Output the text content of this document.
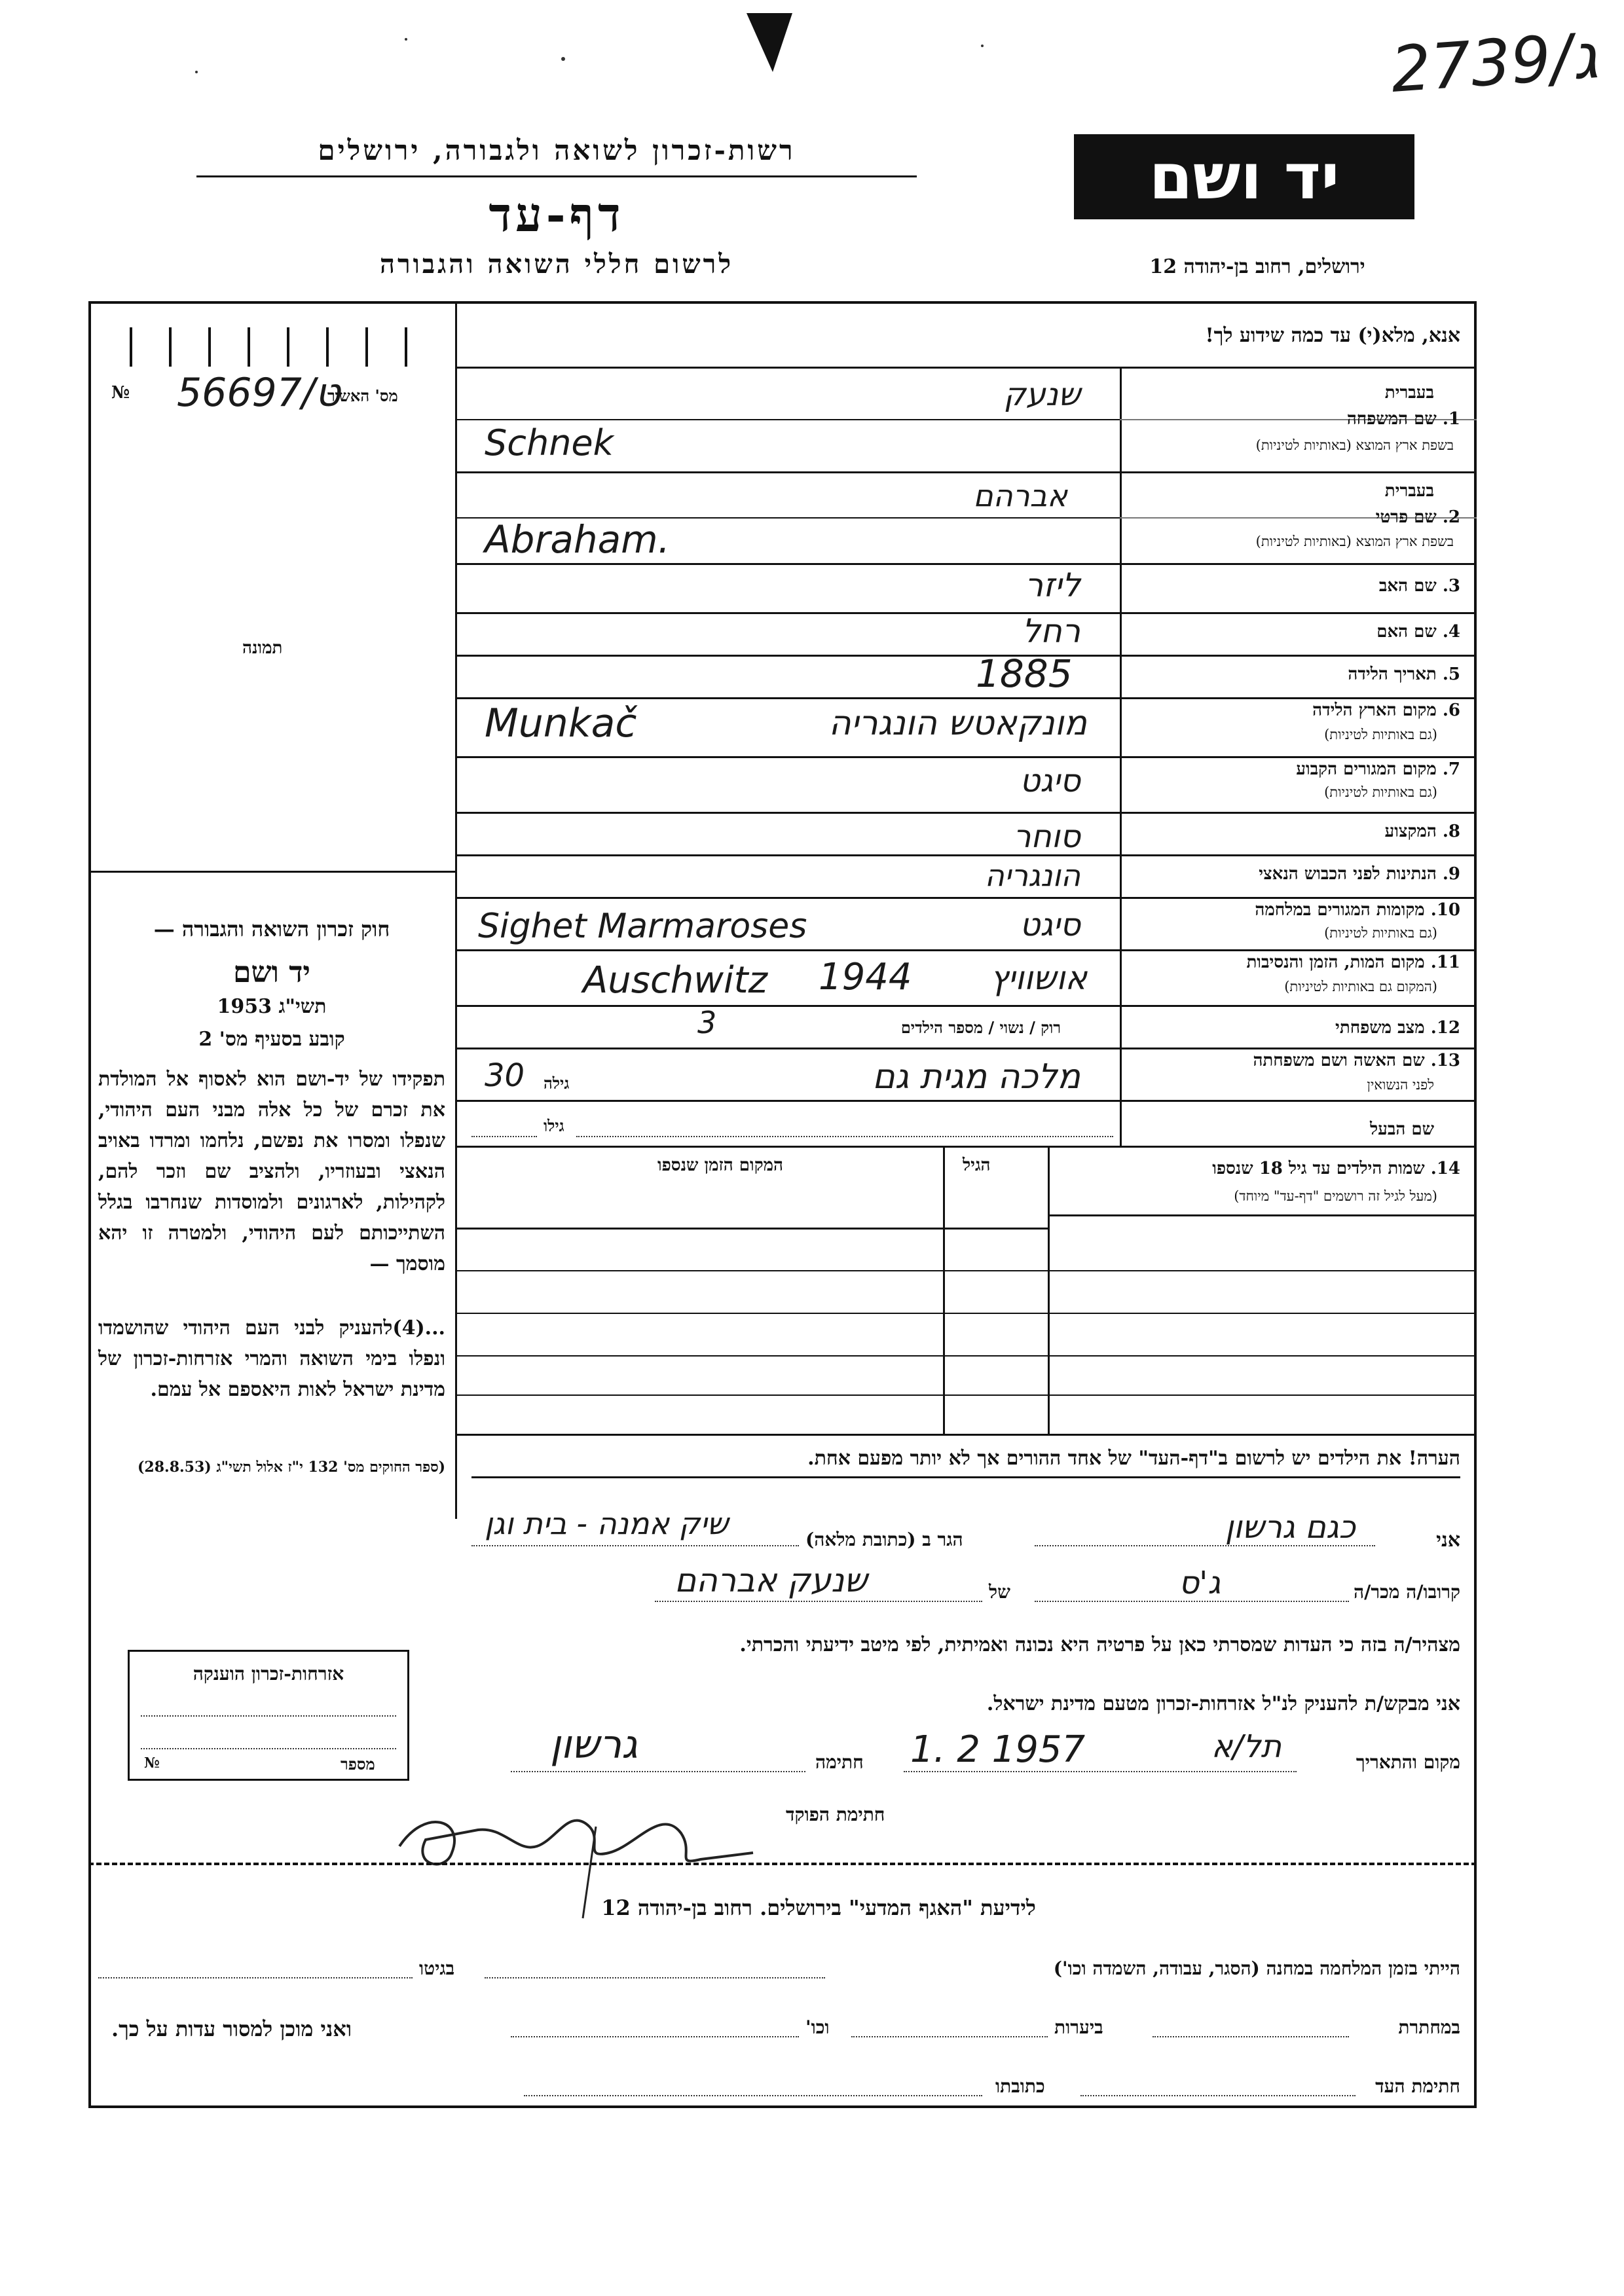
ג/2739
רשות-זכרון לשואה ולגבורה, ירושלים
דף-עד
לרשום חללי השואה והגבורה
יד ושם
ירושלים, רחוב בן-יהודה 12
56697/ט
№	מס' האשור
תמונה
חוק זכרון השואה והגבורה —
יד ושם
תשי"ג 1953
קובע בסעיף מס' 2
תפקידו של יד-ושם הוא לאסוף אל המולדת את זכרם של כל אלה מבני העם היהודי, שנפלו ומסרו את נפשם, נלחמו ומרדו באויב הנאצי ובעוזריו, ולהציב שם וזכר להם, לקהילות, לארגונים ולמוסדות שנחרבו בגלל השתייכותם לעם היהודי, ולמטרה זו יהא מוסמך —
...(4)להעניק לבני העם היהודי שהושמדו ונפלו בימי השואה והמרי אזרחות-זכרון של מדינת ישראל לאות היאספם אל עמם.
(ספר החוקים מס' 132 י"ז אלול תשי"ג (28.8.53)
אנא, מלא(י) עד כמה שידוע לך!
בעברית
1. שם המשפחה
בשפת ארץ המוצא (באותיות לטיניות)
בעברית
2. שם פרטי
בשפת ארץ המוצא (באותיות לטיניות)
3. שם האב
4. שם האם
5. תאריך הלידה
6. מקום הארץ הלידה
(גם באותיות לטיניות)
7. מקום המגורים הקבוע
(גם באותיות לטיניות)
8. המקצוע
9. הנתינות לפני הכבוש הנאצי
10. מקומות המגורים במלחמה
(גם באותיות לטיניות)
11. מקום המות, הזמן והנסיבות
(המקום גם באותיות לטיניות)
12. מצב משפחתי
13. שם האשה ושם משפחתה
לפני הנשואין
שם הבעל
שנעק
Schnek
אברהם
Abraham.
ליזר
רחל
1885
מונקאטש הונגריה
Munkač
סיגט
סוחר
הונגריה
סיגט
Sighet Marmaroses
אושוויץ
1944
Auschwitz
רוק / נשוי / מספר הילדים
3
מלכה מגית גם
גילה
30
גילו
14. שמות הילדים עד גיל 18 שנספו
(מעל לגיל זה רושמים "דף-עד" מיוחד)
הגיל
המקום הזמן שנספו
הערה! את הילדים יש לרשום ב"דף-העד" של אחד ההורים אך לא יותר מפעם אחת.
אני
כגם גרשון
הגר ב (כתובת מלאה)
שיק אמנה - בית וגן
קרובו/ה מכר/ה
ג'ס
של
שנעק אברהם
מצהיר/ה בזה כי העדות שמסרתי כאן על פרטיה היא נכונה ואמיתית, לפי מיטב ידיעתי והכרתי.
אני מבקש/ת להעניק לנ"ל אזרחות-זכרון מטעם מדינת ישראל.
מקום והתאריך
תל/א
1. 2 1957
חתימה
גרשון
חתימת הפוקד
אזרחות-זכרון הוענקה
מספר
№
לידיעת "האגף המדעי" בירושלים. רחוב בן-יהודה 12
הייתי בזמן המלחמה במחנה (הסגר, עבודה, השמדה וכו')
בגיטו
במחתרת
ביערות
וכו'
ואני מוכן למסור עדות על כך.
חתימת העד
כתובתו
